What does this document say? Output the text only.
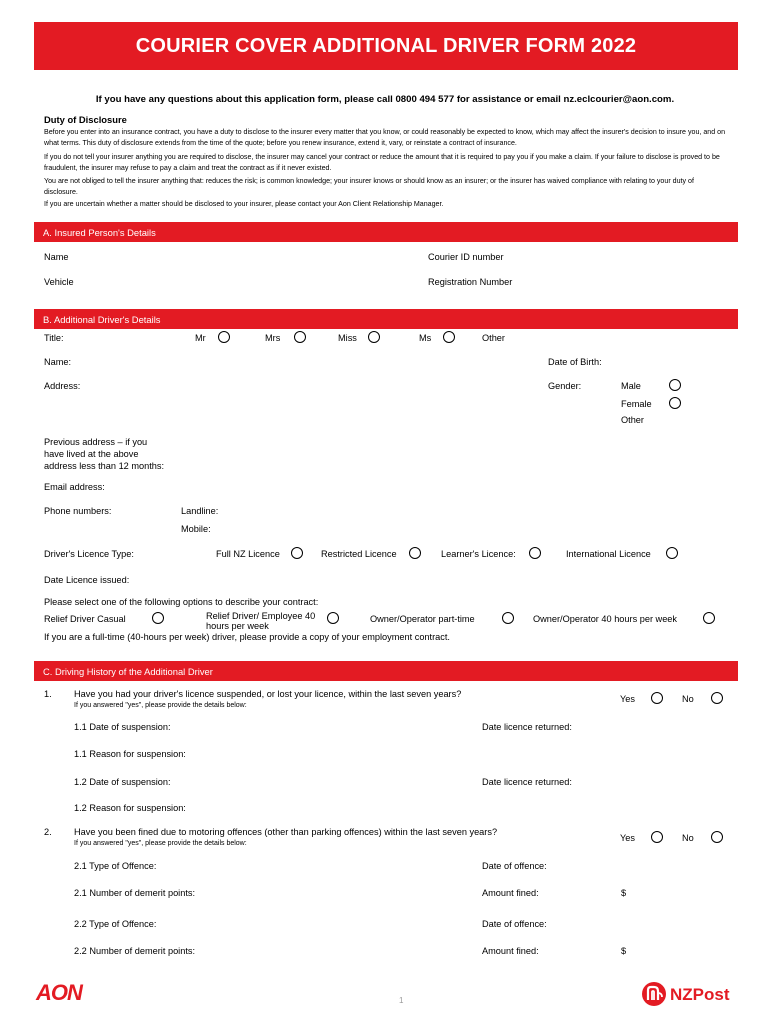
COURIER COVER ADDITIONAL DRIVER FORM 2022
If you have any questions about this application form, please call 0800 494 577 for assistance or email nz.eclcourier@aon.com.
Duty of Disclosure
Before you enter into an insurance contract, you have a duty to disclose to the insurer every matter that you know, or could reasonably be expected to know, which may affect the insurer's decision to insure you, and on what terms. This duty of disclosure extends from the time of the quote; before you renew insurance, extend it, vary, or reinstate a contract of insurance.
If you do not tell your insurer anything you are required to disclose, the insurer may cancel your contract or reduce the amount that it is required to pay you if you make a claim. If your failure to disclose is proved to be fraudulent, the insurer may refuse to pay a claim and treat the contract as if it never existed.
You are not obliged to tell the insurer anything that: reduces the risk; is common knowledge; your insurer knows or should know as an insurer; or the insurer has waived compliance with relating to your duty of disclosure.
If you are uncertain whether a matter should be disclosed to your insurer, please contact your Aon Client Relationship Manager.
A. Insured Person's Details
Name	Courier ID number
Vehicle	Registration Number
B. Additional Driver's Details
Title:	Mr	Mrs	Miss	Ms	Other
Name:	Date of Birth:
Address:	Gender:	Male
Female
Other
Previous address – if you
have lived at the above
address less than 12 months:
Email address:
Phone numbers:	Landline:
Mobile:
Driver's Licence Type:	Full NZ Licence	Restricted Licence	Learner's Licence:	International Licence
Date Licence issued:
Please select one of the following options to describe your contract:
Relief Driver Casual	Relief Driver/ Employee 40
hours per week
Owner/Operator part-time	Owner/Operator 40 hours per week
If you are a full-time (40-hours per week) driver, please provide a copy of your employment contract.
C. Driving History of the Additional Driver
1. Have you had your driver's licence suspended, or lost your licence, within the last seven years?
If you answered "yes", please provide the details below:
Yes	No
1.1 Date of suspension:	Date licence returned:
1.1 Reason for suspension:
1.2 Date of suspension:	Date licence returned:
1.2 Reason for suspension:
2. Have you been fined due to motoring offences (other than parking offences) within the last seven years?
If you answered "yes", please provide the details below:
Yes	No
2.1 Type of Offence:	Date of offence:
2.1 Number of demerit points:	Amount fined:	$
2.2 Type of Offence:	Date of offence:
2.2 Number of demerit points:	Amount fined:	$
AON	1	NZPost
